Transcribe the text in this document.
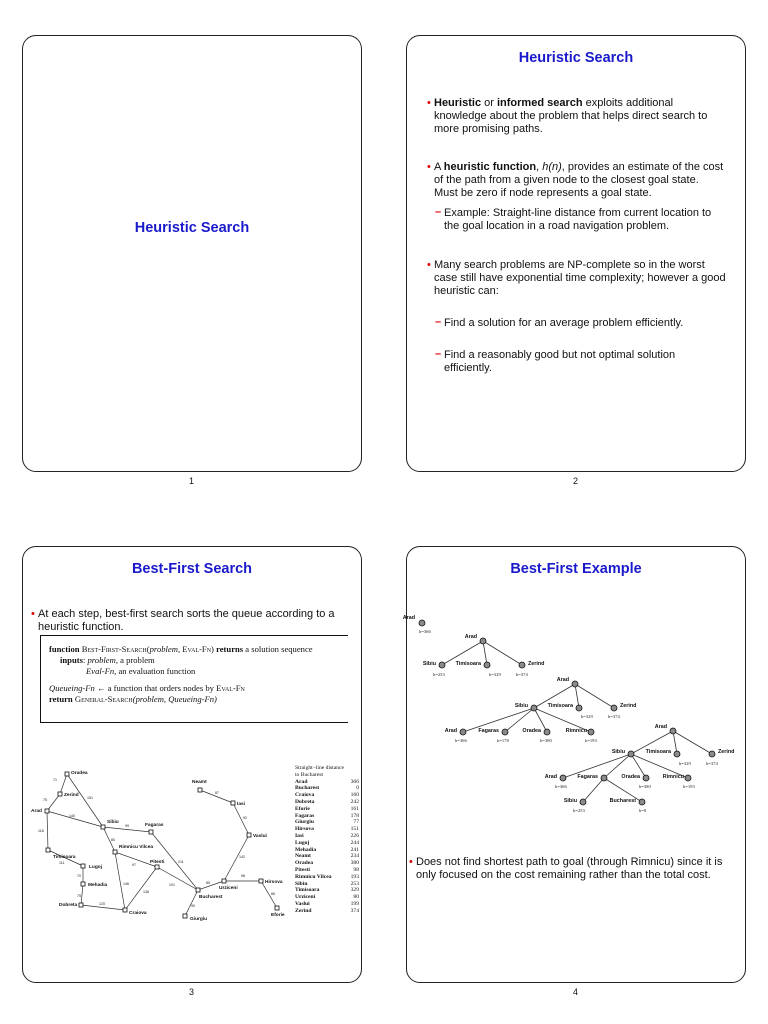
Heuristic Search
1
Heuristic Search
• Heuristic or informed search exploits additional
knowledge about the problem that helps direct search to
more promising paths.
• A heuristic function, h(n), provides an estimate of the cost
of the path from a given node to the closest goal state.
Must be zero if node represents a goal state.
– Example: Straight-line distance from current location to
the goal location in a road navigation problem.
• Many search problems are NP-complete so in the worst
case still have exponential time complexity; however a good
heuristic can:
– Find a solution for an average problem efficiently.
– Find a reasonably good but not optimal solution
efficiently.
2
Best-First Search
• At each step, best-first search sorts the queue according to a
heuristic function.
function Best-First-Search(problem, Eval-Fn) returns a solution sequence
inputs: problem, a problem
Eval-Fn, an evaluation function
Queueing-Fn ← a function that orders nodes by Eval-Fn
return General-Search(problem, Queueing-Fn)
Oradea
Zerind
Arad
Sibiu
Fagaras
Timisoara
Rimnicu Vilcea
Lugoj
Pitesti
Mehadia
Dobreta
Craiova
Bucharest
Giurgiu
Urziceni
Hirsova
Eforie
Vaslui
Iasi
Neamt
71
75	151
140
118
99
80
211
97
111
70
75
120
146
138
101
90
85
98
86
142
92
87
Straight−line distance
to Bucharest
Arad	366
Bucharest	0
Craiova	160
Dobreta	242
Eforie	161
Fagaras	178
Giurgiu	77
Hirsova	151
Iasi	226
Lugoj	244
Mehadia	241
Neamt	234
Oradea	380
Pitesti	98
Rimnicu Vilcea	193
Sibiu	253
Timisoara	329
Urziceni	80
Vaslui	199
Zerind	374
3
Best-First Example
Arad
Arad
Sibiu	Timisoara	Zerind
Arad
Sibiu	Timisoara	Zerind
Arad	Fagaras	Oradea	Rimnicu
Arad
Sibiu	Timisoara	Zerind
Arad	Fagaras	Oradea	Rimnicu
Sibiu	Bucharest
h=366
h=253	h=329	h=374
h=329	h=374
h=366	h=178	h=380	h=193
h=329	h=374
h=366	h=380	h=193
h=253	h=0
• Does not find shortest path to goal (through Rimnicu) since it is
only focused on the cost remaining rather than the total cost.
4
